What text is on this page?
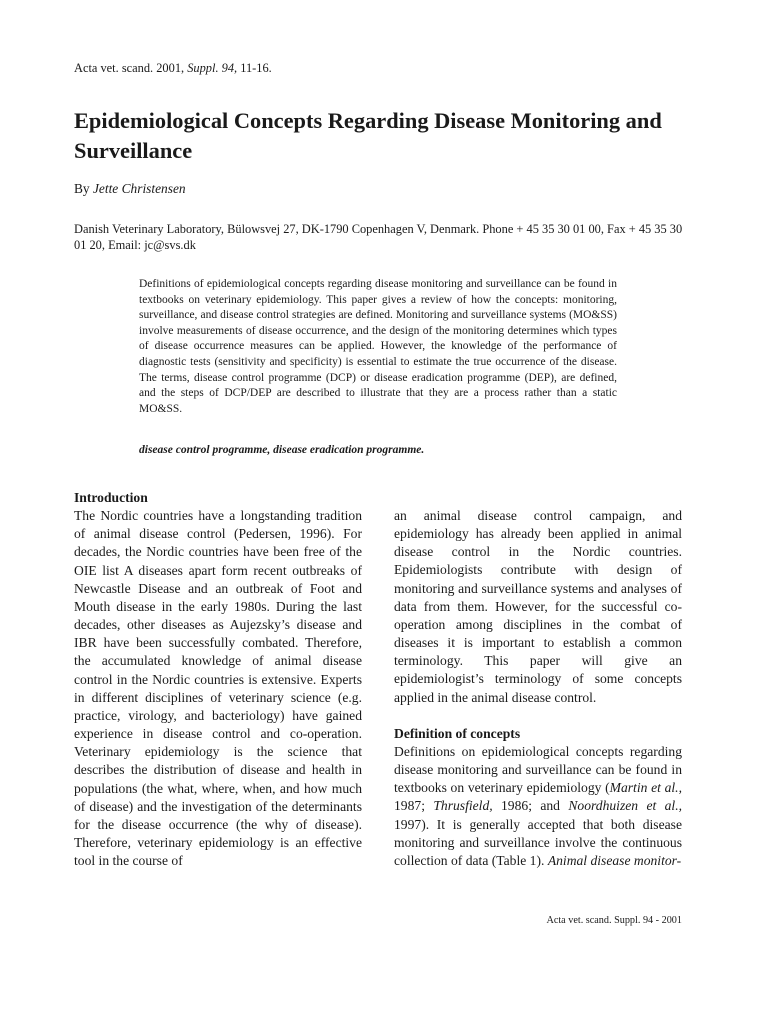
Acta vet. scand. 2001, Suppl. 94, 11-16.
Epidemiological Concepts Regarding Disease Monitoring and Surveillance
By Jette Christensen
Danish Veterinary Laboratory, Bülowsvej 27, DK-1790 Copenhagen V, Denmark. Phone + 45 35 30 01 00, Fax + 45 35 30 01 20, Email: jc@svs.dk

Definitions of epidemiological concepts regarding disease monitoring and surveillance can be found in textbooks on veterinary epidemiology. This paper gives a review of how the concepts: monitoring, surveillance, and disease control strategies are defined. Monitoring and surveillance systems (MO&SS) involve measurements of disease occurrence, and the design of the monitoring determines which types of disease occurrence measures can be applied. However, the knowledge of the performance of diagnostic tests (sensitivity and specificity) is essential to estimate the true occurrence of the disease. The terms, disease control programme (DCP) or disease eradication programme (DEP), are defined, and the steps of DCP/DEP are described to illustrate that they are a process rather than a static MO&SS.

disease control programme, disease eradication programme.
Introduction

The Nordic countries have a longstanding tradition of animal disease control (Pedersen, 1996). For decades, the Nordic countries have been free of the OIE list A diseases apart form recent outbreaks of Newcastle Disease and an outbreak of Foot and Mouth disease in the early 1980s. During the last decades, other diseases as Aujezsky’s disease and IBR have been successfully combated. Therefore, the accumulated knowledge of animal disease control in the Nordic countries is extensive. Experts in different disciplines of veterinary science (e.g. practice, virology, and bacteriology) have gained experience in disease control and co-operation. Veterinary epidemiology is the science that describes the distribution of disease and health in populations (the what, where, when, and how much of disease) and the investigation of the determinants for the disease occurrence (the why of disease). Therefore, veterinary epidemiology is an effective tool in the course of

an animal disease control campaign, and epidemiology has already been applied in animal disease control in the Nordic countries. Epidemiologists contribute with design of monitoring and surveillance systems and analyses of data from them. However, for the successful co-operation among disciplines in the combat of diseases it is important to establish a common terminology. This paper will give an epidemiologist’s terminology of some concepts applied in the animal disease control.

Definition of concepts

Definitions on epidemiological concepts regarding disease monitoring and surveillance can be found in textbooks on veterinary epidemiology (Martin et al., 1987; Thrusfield, 1986; and Noordhuizen et al., 1997). It is generally accepted that both disease monitoring and surveillance involve the continuous collection of data (Table 1). Animal disease monitor-

Acta vet. scand. Suppl. 94 - 2001
